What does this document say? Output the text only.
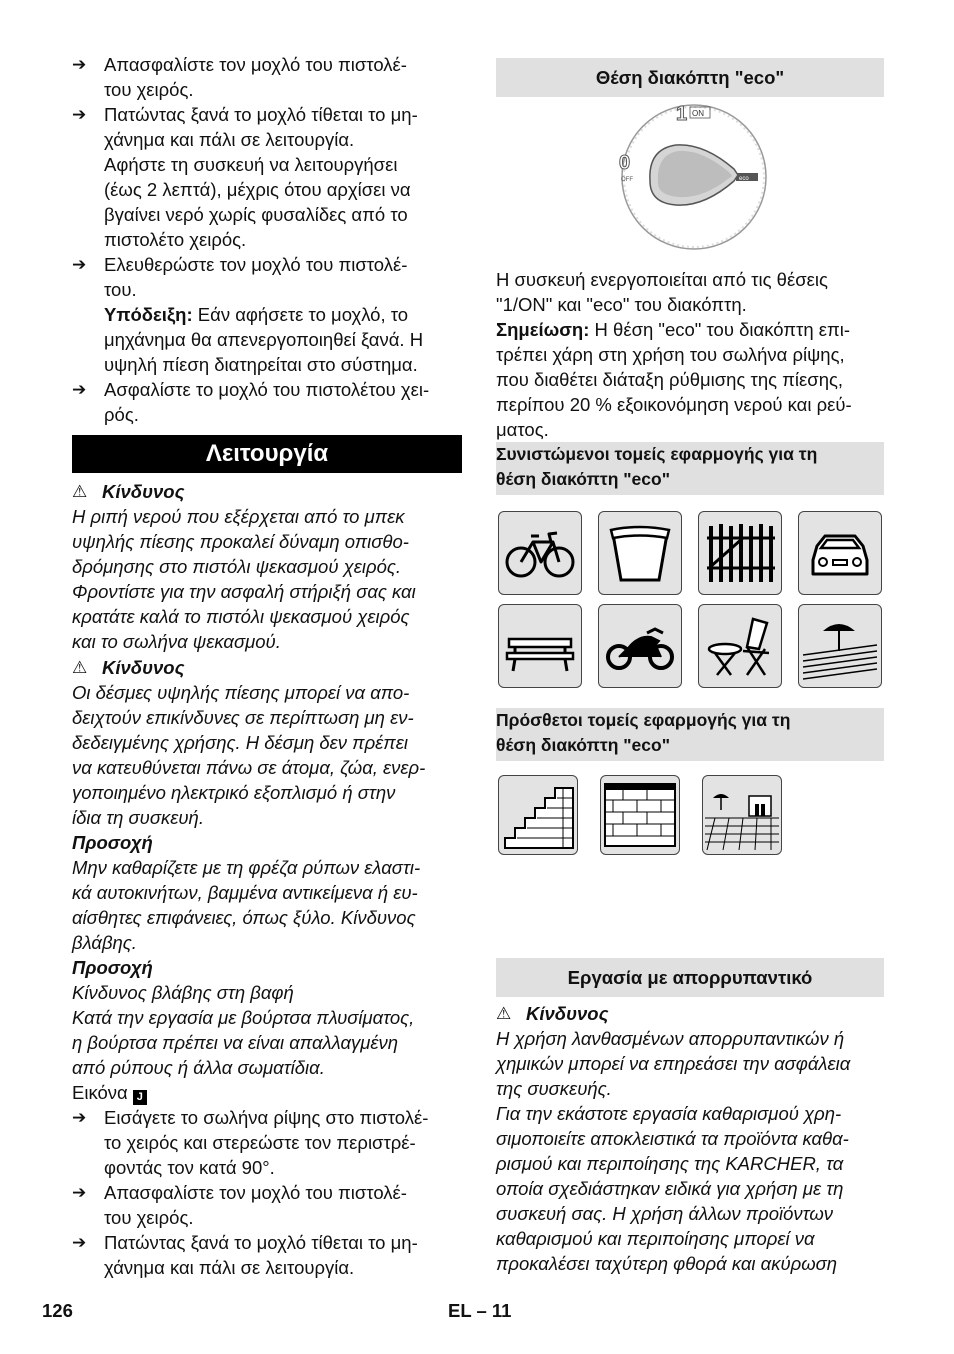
➔ Απασφαλίστε τον μοχλό του πιστολέ-
του χειρός.
➔ Πατώντας ξανά το μοχλό τίθεται το μη-
χάνημα και πάλι σε λειτουργία.
Αφήστε τη συσκευή να λειτουργήσει
(έως 2 λεπτά), μέχρις ότου αρχίσει να
βγαίνει νερό χωρίς φυσαλίδες από το
πιστολέτο χειρός.
➔ Ελευθερώστε τον μοχλό του πιστολέ-
του.
Υπόδειξη: Εάν αφήσετε το μοχλό, το
μηχάνημα θα απενεργοποιηθεί ξανά. Η
υψηλή πίεση διατηρείται στο σύστημα.
➔ Ασφαλίστε το μοχλό του πιστολέτου χει-
ρός.
Λειτουργία
⚠ Κίνδυνος
Η ριπή νερού που εξέρχεται από το μπεκ
υψηλής πίεσης προκαλεί δύναμη οπισθο-
δρόμησης στο πιστόλι ψεκασμού χειρός.
Φροντίστε για την ασφαλή στήριξή σας και
κρατάτε καλά το πιστόλι ψεκασμού χειρός
και το σωλήνα ψεκασμού.
⚠ Κίνδυνος
Οι δέσμες υψηλής πίεσης μπορεί να απο-
δειχτούν επικίνδυνες σε περίπτωση μη εν-
δεδειγμένης χρήσης. Η δέσμη δεν πρέπει
να κατευθύνεται πάνω σε άτομα, ζώα, ενερ-
γοποιημένο ηλεκτρικό εξοπλισμό ή στην
ίδια τη συσκευή.
Προσοχή
Μην καθαρίζετε με τη φρέζα ρύπων ελαστι-
κά αυτοκινήτων, βαμμένα αντικείμενα ή ευ-
αίσθητες επιφάνειες, όπως ξύλο. Κίνδυνος
βλάβης.
Προσοχή
Κίνδυνος βλάβης στη βαφή
Κατά την εργασία με βούρτσα πλυσίματος,
η βούρτσα πρέπει να είναι απαλλαγμένη
από ρύπους ή άλλα σωματίδια.
Εικόνα J
➔ Εισάγετε το σωλήνα ρίψης στο πιστολέ-
το χειρός και στερεώστε τον περιστρέ-
φοντάς τον κατά 90°.
➔ Απασφαλίστε τον μοχλό του πιστολέ-
του χειρός.
➔ Πατώντας ξανά το μοχλό τίθεται το μη-
χάνημα και πάλι σε λειτουργία.
Θέση διακόπτη "eco"
1 ON
0
OFF	eco
Η συσκευή ενεργοποιείται από τις θέσεις
"1/ON" και "eco" του διακόπτη.
Σημείωση: Η θέση "eco" του διακόπτη επι-
τρέπει χάρη στη χρήση του σωλήνα ρίψης,
που διαθέτει διάταξη ρύθμισης της πίεσης,
περίπου 20 % εξοικονόμηση νερού και ρεύ-
ματος.
Συνιστώμενοι τομείς εφαρμογής για τη
θέση διακόπτη "eco"
Πρόσθετοι τομείς εφαρμογής για τη
θέση διακόπτη "eco"
Εργασία με απορρυπαντικό
⚠ Κίνδυνος
Η χρήση λανθασμένων απορρυπαντικών ή
χημικών μπορεί να επηρεάσει την ασφάλεια
της συσκευής.
Για την εκάστοτε εργασία καθαρισμού χρη-
σιμοποιείτε αποκλειστικά τα προϊόντα καθα-
ρισμού και περιποίησης της KARCHER, τα
οποία σχεδιάστηκαν ειδικά για χρήση με τη
συσκευή σας. Η χρήση άλλων προϊόντων
καθαρισμού και περιποίησης μπορεί να
προκαλέσει ταχύτερη φθορά και ακύρωση
126	EL – 11
